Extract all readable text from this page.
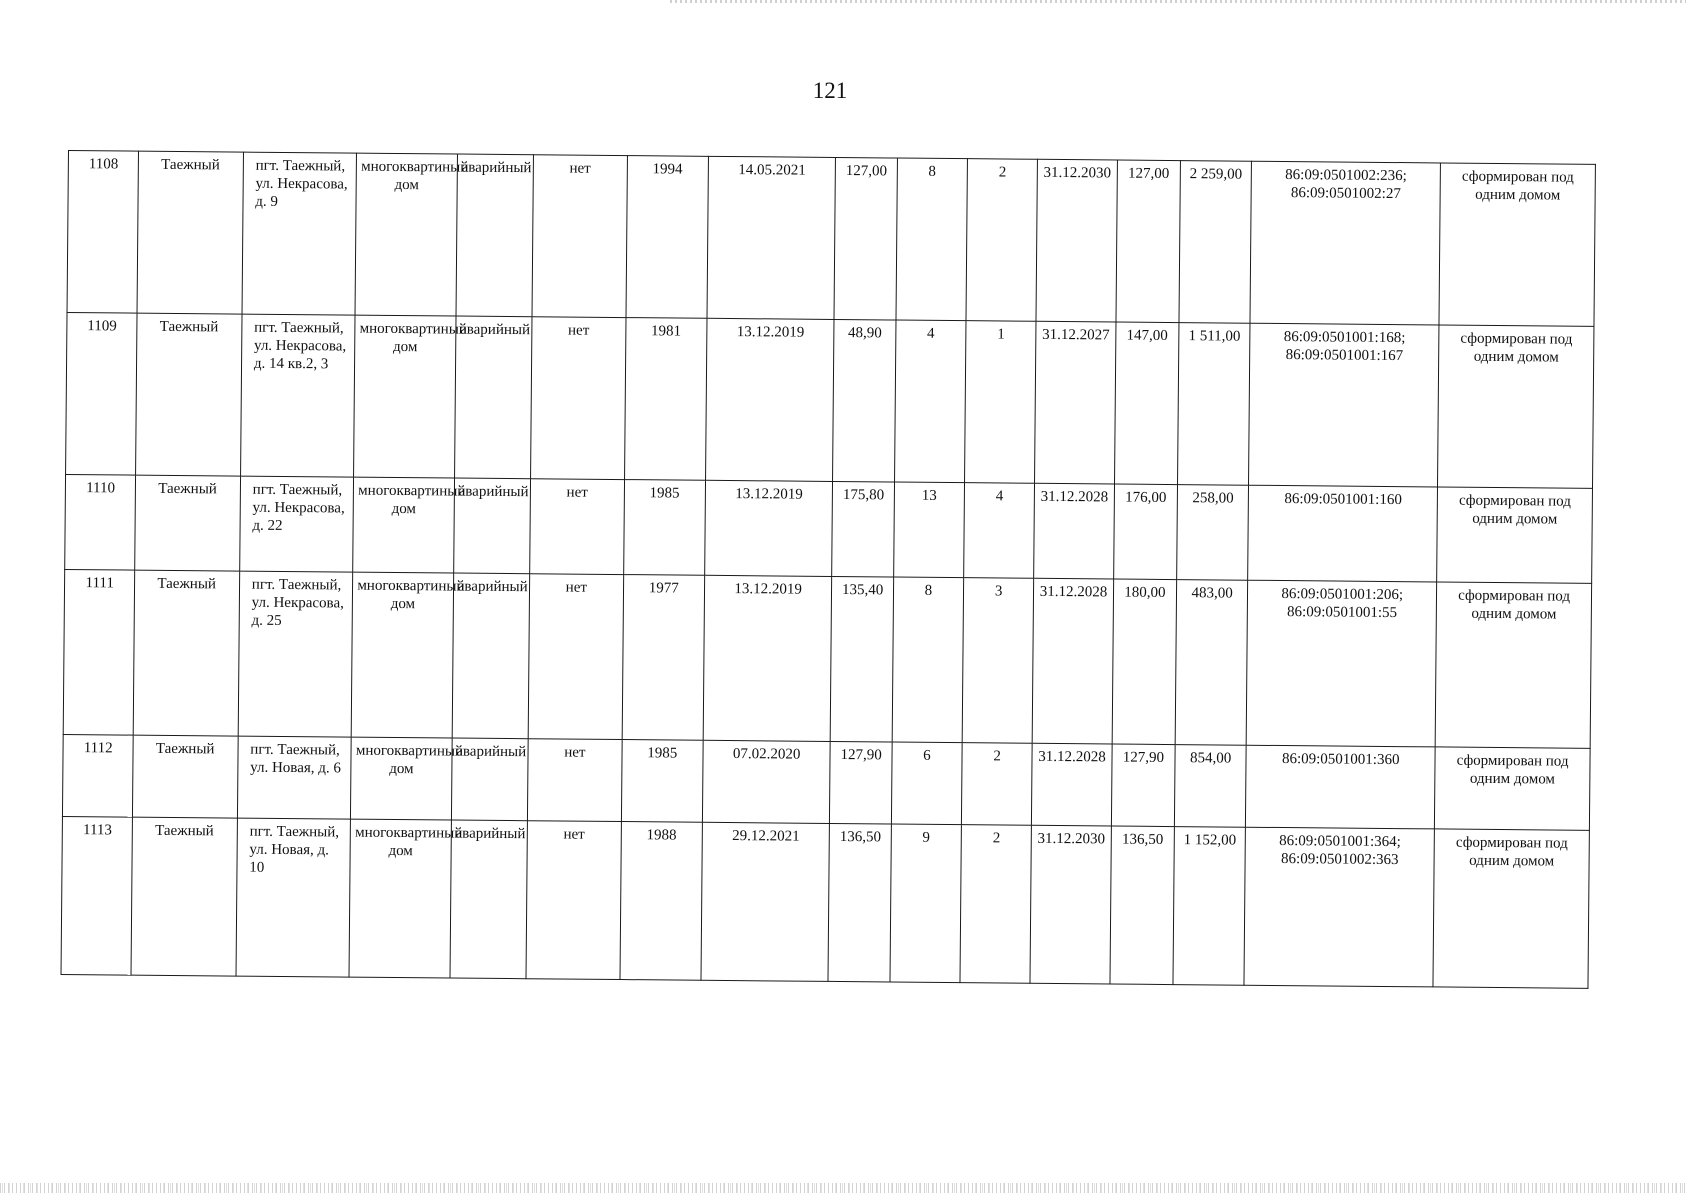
121
1108	Таежный	пгт. Таежный, ул. Некрасова, д. 9	многоквартиный дом	аварийный	нет	1994	14.05.2021	127,00	8	2	31.12.2030	127,00	2 259,00	86:09:0501002:236; 86:09:0501002:27	сформирован под одним домом
1109	Таежный	пгт. Таежный, ул. Некрасова, д. 14 кв.2, 3	многоквартиный дом	аварийный	нет	1981	13.12.2019	48,90	4	1	31.12.2027	147,00	1 511,00	86:09:0501001:168; 86:09:0501001:167	сформирован под одним домом
1110	Таежный	пгт. Таежный, ул. Некрасова, д. 22	многоквартиный дом	аварийный	нет	1985	13.12.2019	175,80	13	4	31.12.2028	176,00	258,00	86:09:0501001:160	сформирован под одним домом
1111	Таежный	пгт. Таежный, ул. Некрасова, д. 25	многоквартиный дом	аварийный	нет	1977	13.12.2019	135,40	8	3	31.12.2028	180,00	483,00	86:09:0501001:206; 86:09:0501001:55	сформирован под одним домом
1112	Таежный	пгт. Таежный, ул. Новая, д. 6	многоквартиный дом	аварийный	нет	1985	07.02.2020	127,90	6	2	31.12.2028	127,90	854,00	86:09:0501001:360	сформирован под одним домом
1113	Таежный	пгт. Таежный, ул. Новая, д. 10	многоквартиный дом	аварийный	нет	1988	29.12.2021	136,50	9	2	31.12.2030	136,50	1 152,00	86:09:0501001:364; 86:09:0501002:363	сформирован под одним домом
